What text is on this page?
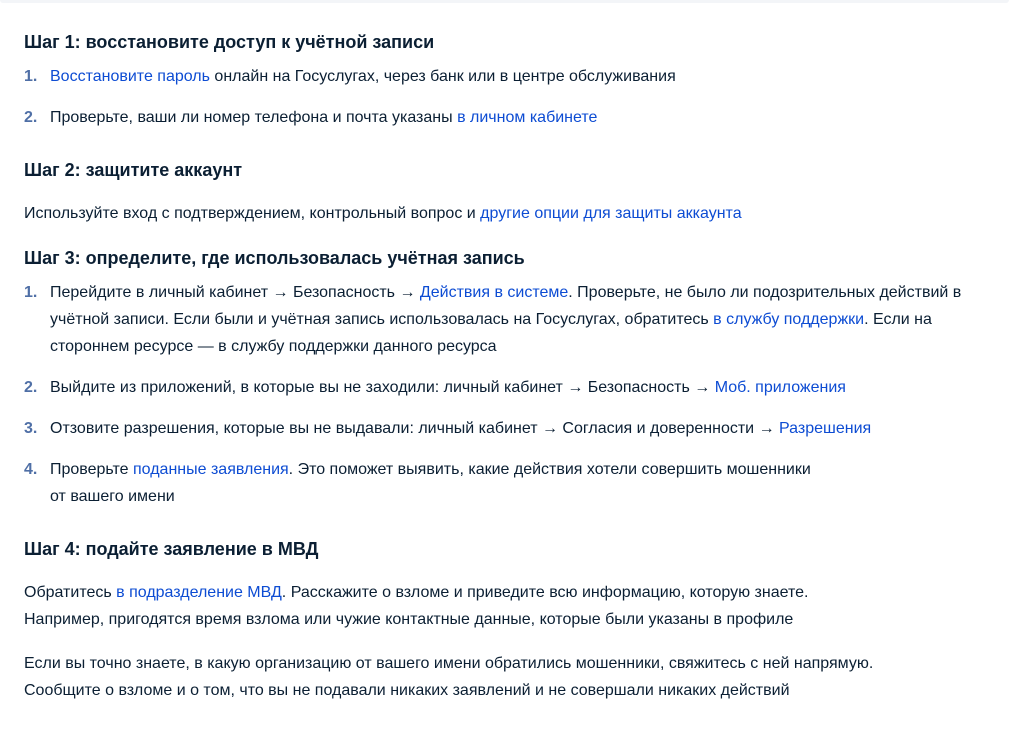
Шаг 1: восстановите доступ к учётной записи
1. Восстановите пароль онлайн на Госуслугах, через банк или в центре обслуживания
2. Проверьте, ваши ли номер телефона и почта указаны в личном кабинете
Шаг 2: защитите аккаунт

Используйте вход с подтверждением, контрольный вопрос и другие опции для защиты аккаунта

Шаг 3: определите, где использовалась учётная запись
1. Перейдите в личный кабинет → Безопасность → Действия в системе. Проверьте, не было ли подозрительных действий в учётной записи. Если были и учётная запись использовалась на Госуслугах, обратитесь в службу поддержки. Если на стороннем ресурсе — в службу поддержки данного ресурса
2. Выйдите из приложений, в которые вы не заходили: личный кабинет → Безопасность → Моб. приложения
3. Отзовите разрешения, которые вы не выдавали: личный кабинет → Согласия и доверенности → Разрешения
4. Проверьте поданные заявления. Это поможет выявить, какие действия хотели совершить мошенники
от вашего имени
Шаг 4: подайте заявление в МВД

Обратитесь в подразделение МВД. Расскажите о взломе и приведите всю информацию, которую знаете.
Например, пригодятся время взлома или чужие контактные данные, которые были указаны в профиле

Если вы точно знаете, в какую организацию от вашего имени обратились мошенники, свяжитесь с ней напрямую.
Сообщите о взломе и о том, что вы не подавали никаких заявлений и не совершали никаких действий
